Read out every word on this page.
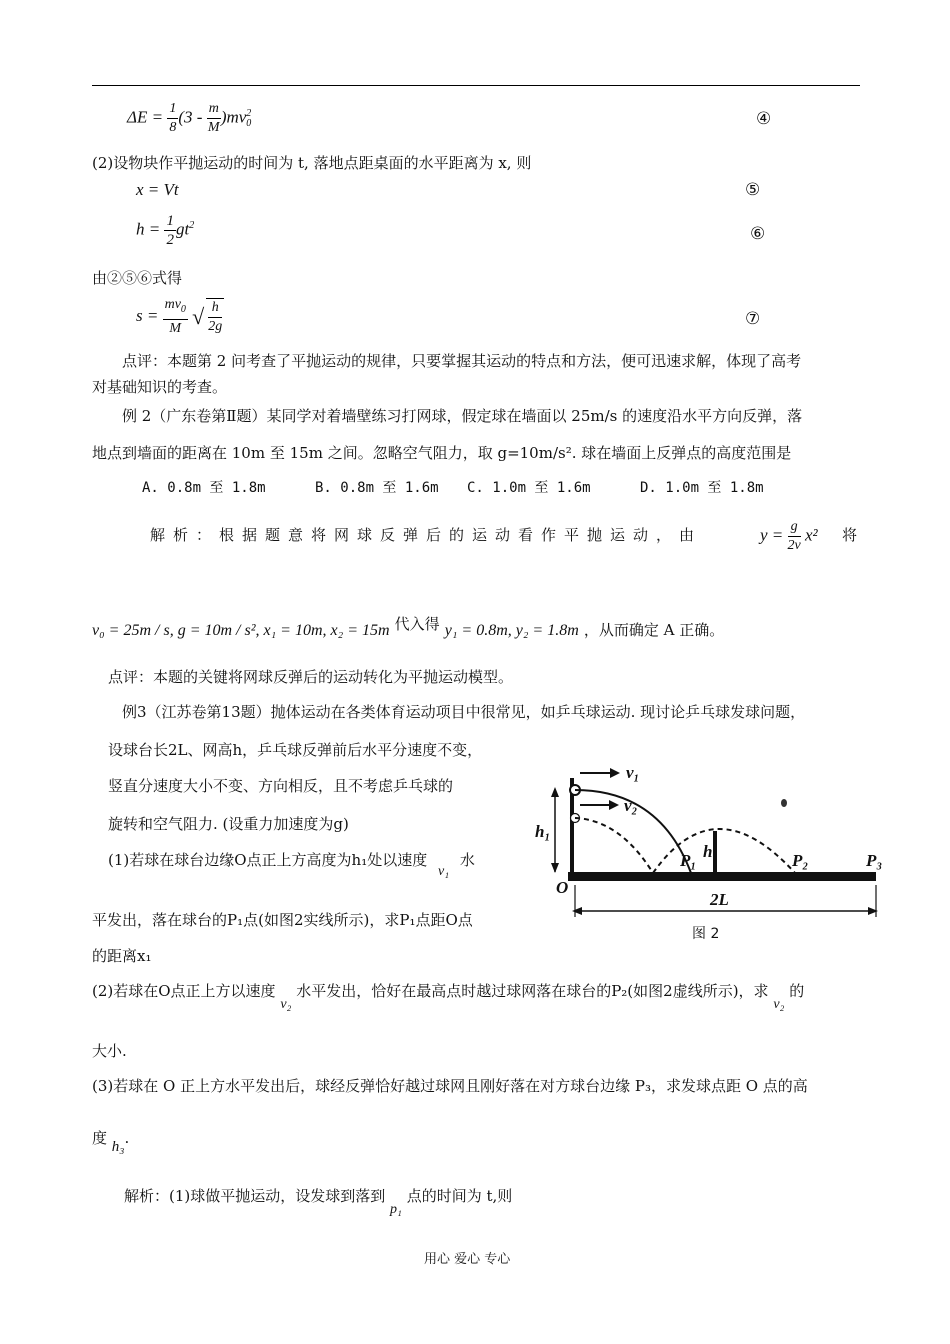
$\Delta E = \frac{1}{8} (3 - \frac{m}{M} )mv$ 2
0	④
(2)设物块作平抛运动的时间为 t, 落地点距桌面的水平距离为 x, 则
x = Vt	⑤
$h = \frac{1}{2} gt^2$	⑥
由②⑤⑥式得
$s = \frac{mv_0}{M}$ √ $\frac{h}{2g}$	⑦
点评：本题第 2 问考查了平抛运动的规律，只要掌握其运动的特点和方法，便可迅速求解，体现了高考
对基础知识的考查。
例 2（广东卷第Ⅱ题）某同学对着墙壁练习打网球，假定球在墙面以 25m/s 的速度沿水平方向反弹，落
地点到墙面的距离在 10m 至 15m 之间。忽略空气阻力，取 g=10m/s². 球在墙面上反弹点的高度范围是
A. 0.8m 至 1.8m	B. 0.8m 至 1.6m C. 1.0m 至 1.6m	D. 1.0m 至 1.8m
解析：根据题意将网球反弹后的运动看作平抛运动，由	$y = \frac{g}{2v} x^2$ 将
v₀ = 25m / s, g = 10m / s², x₁ = 10m, x₂ = 15m 代入得 y₁ = 0.8m, y₂ = 1.8m ，从而确定 A 正确。
点评：本题的关键将网球反弹后的运动转化为平抛运动模型。
例3（江苏卷第13题）抛体运动在各类体育运动项目中很常见，如乒乓球运动. 现讨论乒乓球发球问题，
设球台长2L、网高h，乒乓球反弹前后水平分速度不变，
竖直分速度大小不变、方向相反，且不考虑乒乓球的
旋转和空气阻力. (设重力加速度为g)
(1)若球在球台边缘O点正上方高度为h₁处以速度 v₁ 水
平发出，落在球台的P₁点(如图2实线所示)，求P₁点距O点
的距离x₁
(2)若球在O点正上方以速度 v₂ 水平发出，恰好在最高点时越过球网落在球台的P₂(如图2虚线所示)，求 v₂ 的
大小.
(3)若球在 O 正上方水平发出后，球经反弹恰好越过球网且刚好落在对方球台边缘 P₃，求发球点距 O 点的高
度 h₃.
解析：(1)球做平抛运动，设发球到落到 p₁ 点的时间为 t,则
v₁
v₂
h₁
h
O
P₁	P₂	P₃
2L
图 2
用心 爱心 专心
